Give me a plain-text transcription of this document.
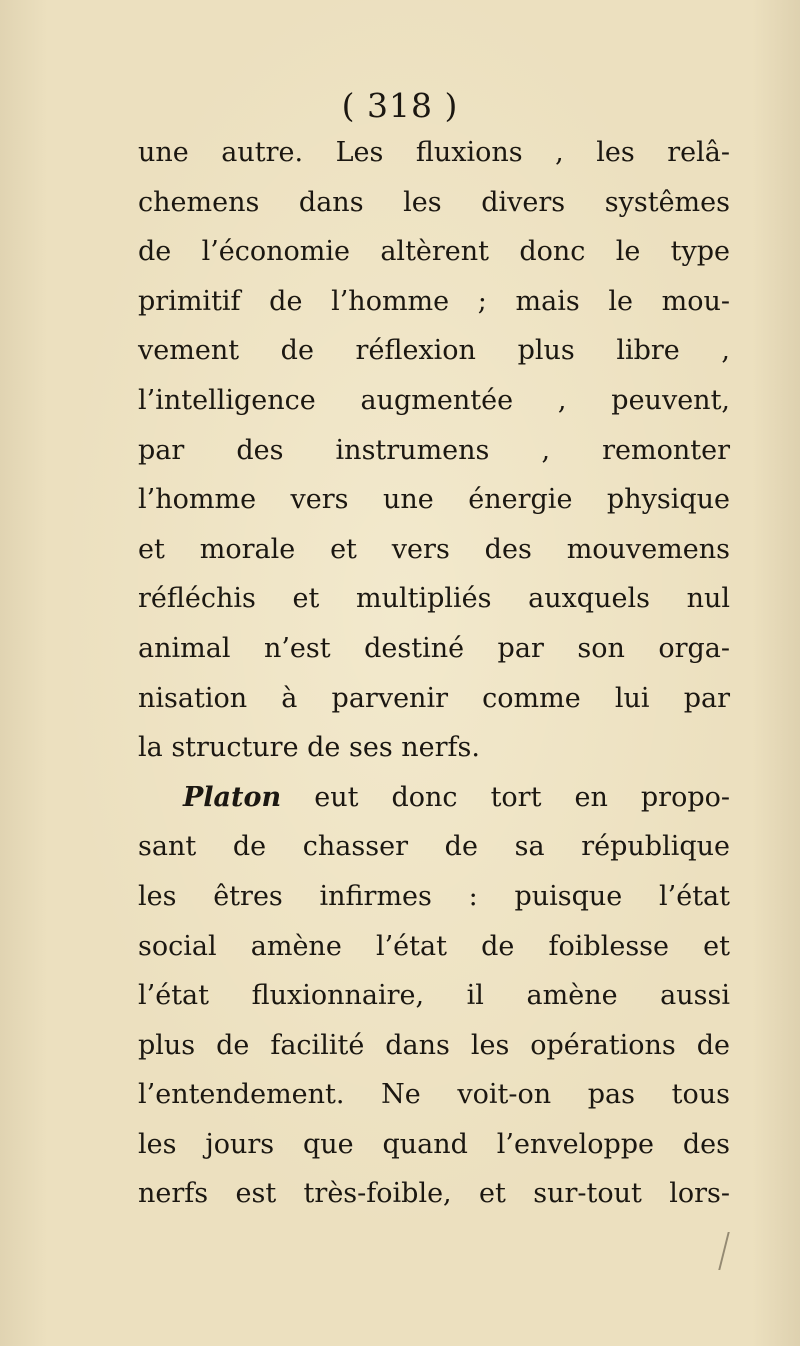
( 318 )
une autre. Les fluxions , les relâ-
chemens dans les divers systêmes
de l’économie altèrent donc le type
primitif de l’homme ; mais le mou-
vement de réflexion plus libre ,
l’intelligence augmentée , peuvent,
par des instrumens , remonter
l’homme vers une énergie physique
et morale et vers des mouvemens
réfléchis et multipliés auxquels nul
animal n’est destiné par son orga-
nisation à parvenir comme lui par
la structure de ses nerfs.
Platon eut donc tort en propo-
sant de chasser de sa république
les êtres infirmes : puisque l’état
social amène l’état de foiblesse et
l’état fluxionnaire, il amène aussi
plus de facilité dans les opérations de
l’entendement. Ne voit-on pas tous
les jours que quand l’enveloppe des
nerfs est très-foible, et sur-tout lors-
